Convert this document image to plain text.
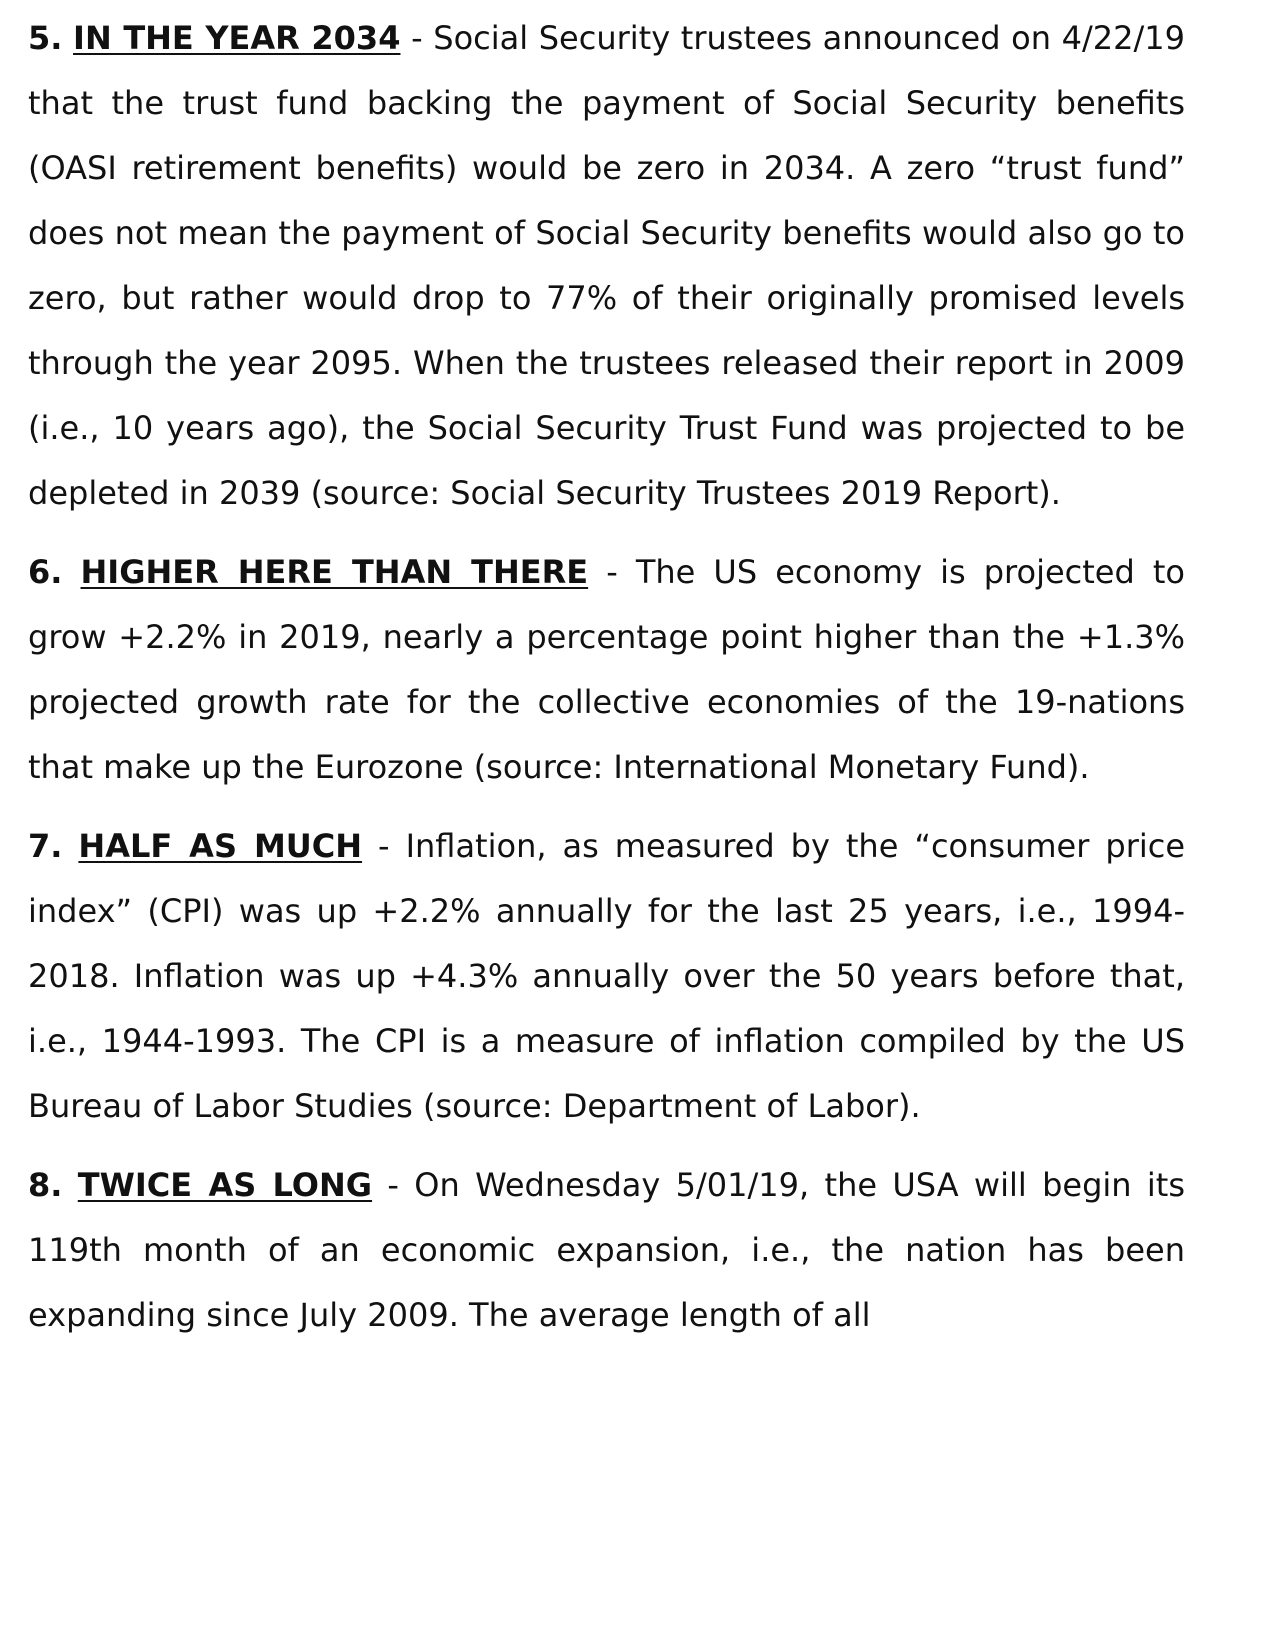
5. IN THE YEAR 2034 - Social Security trustees announced on 4/22/19 that the trust fund backing the payment of Social Security benefits (OASI retirement benefits) would be zero in 2034. A zero “trust fund” does not mean the payment of Social Security benefits would also go to zero, but rather would drop to 77% of their originally promised levels through the year 2095. When the trustees released their report in 2009 (i.e., 10 years ago), the Social Security Trust Fund was projected to be depleted in 2039 (source: Social Security Trustees 2019 Report).

6. HIGHER HERE THAN THERE - The US economy is projected to grow +2.2% in 2019, nearly a percentage point higher than the +1.3% projected growth rate for the collective economies of the 19-nations that make up the Eurozone (source: International Monetary Fund).

7. HALF AS MUCH - Inflation, as measured by the “consumer price index” (CPI) was up +2.2% annually for the last 25 years, i.e., 1994-2018. Inflation was up +4.3% annually over the 50 years before that, i.e., 1944-1993. The CPI is a measure of inflation compiled by the US Bureau of Labor Studies (source: Department of Labor).

8. TWICE AS LONG - On Wednesday 5/01/19, the USA will begin its 119th month of an economic expansion, i.e., the nation has been expanding since July 2009. The average length of all
